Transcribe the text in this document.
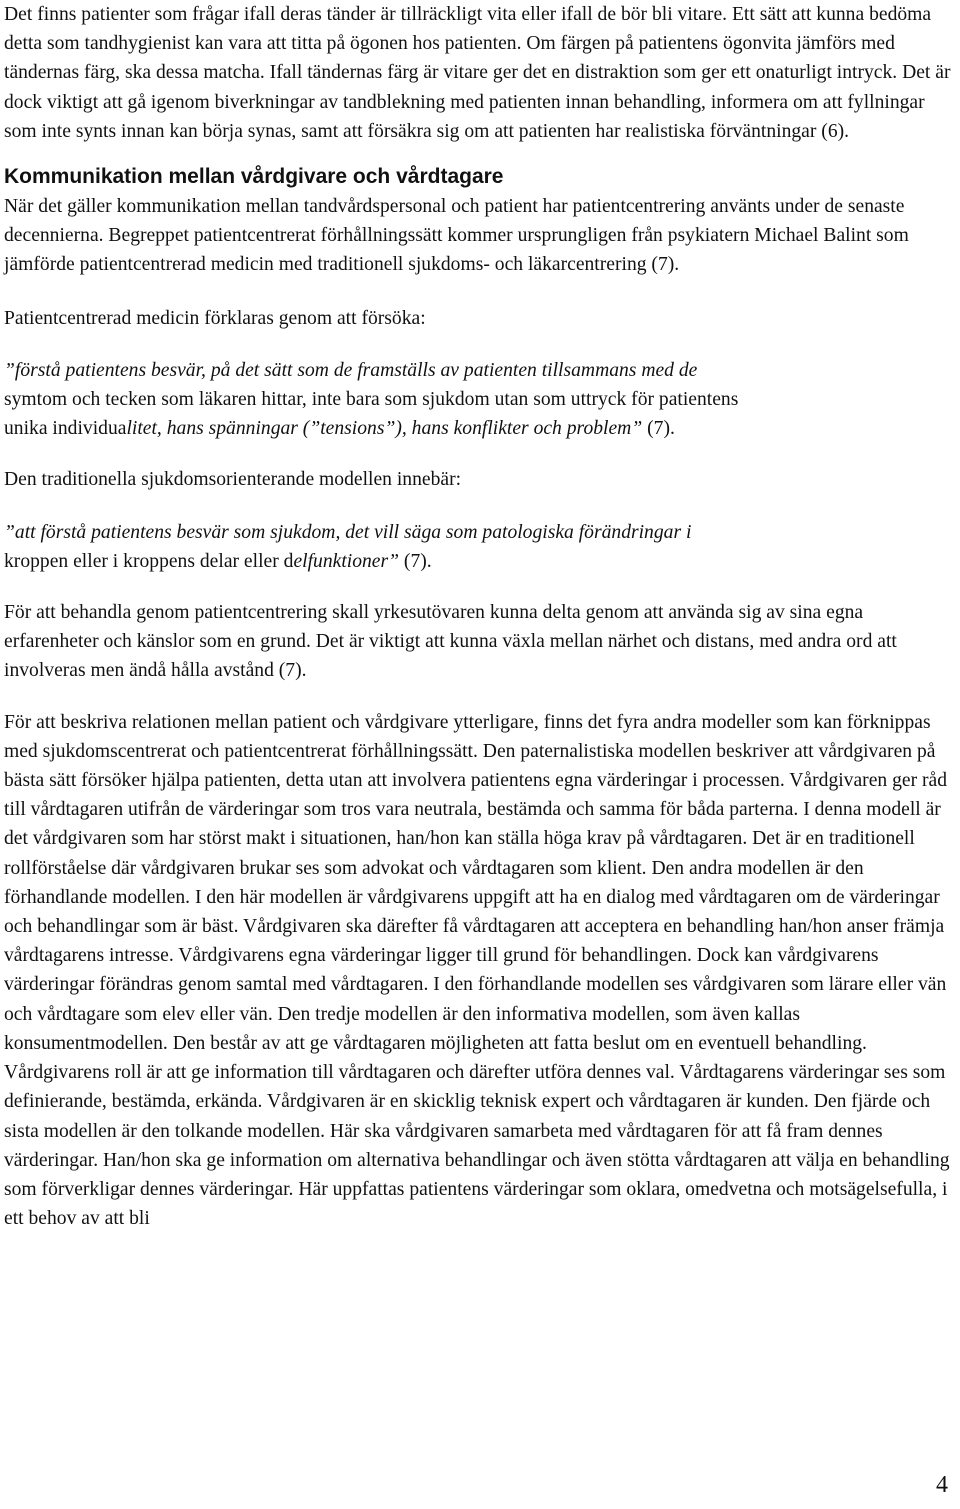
Det finns patienter som frågar ifall deras tänder är tillräckligt vita eller ifall de bör bli vitare. Ett sätt att kunna bedöma detta som tandhygienist kan vara att titta på ögonen hos patienten. Om färgen på patientens ögonvita jämförs med tändernas färg, ska dessa matcha. Ifall tändernas färg är vitare ger det en distraktion som ger ett onaturligt intryck. Det är dock viktigt att gå igenom biverkningar av tandblekning med patienten innan behandling, informera om att fyllningar som inte synts innan kan börja synas, samt att försäkra sig om att patienten har realistiska förväntningar (6).

Kommunikation mellan vårdgivare och vårdtagare

När det gäller kommunikation mellan tandvårdspersonal och patient har patientcentrering använts under de senaste decennierna. Begreppet patientcentrerat förhållningssätt kommer ursprungligen från psykiatern Michael Balint som jämförde patientcentrerad medicin med traditionell sjukdoms- och läkarcentrering (7).

Patientcentrerad medicin förklaras genom att försöka:

”förstå patientens besvär, på det sätt som de framställs av patienten tillsammans med de
symtom och tecken som läkaren hittar, inte bara som sjukdom utan som uttryck för patientens
unika individualitet, hans spänningar (”tensions”), hans konflikter och problem” (7).

Den traditionella sjukdomsorienterande modellen innebär:

”att förstå patientens besvär som sjukdom, det vill säga som patologiska förändringar i
kroppen eller i kroppens delar eller delfunktioner” (7).

För att behandla genom patientcentrering skall yrkesutövaren kunna delta genom att använda sig av sina egna erfarenheter och känslor som en grund. Det är viktigt att kunna växla mellan närhet och distans, med andra ord att involveras men ändå hålla avstånd (7).

För att beskriva relationen mellan patient och vårdgivare ytterligare, finns det fyra andra modeller som kan förknippas med sjukdomscentrerat och patientcentrerat förhållningssätt. Den paternalistiska modellen beskriver att vårdgivaren på bästa sätt försöker hjälpa patienten, detta utan att involvera patientens egna värderingar i processen. Vårdgivaren ger råd till vårdtagaren utifrån de värderingar som tros vara neutrala, bestämda och samma för båda parterna. I denna modell är det vårdgivaren som har störst makt i situationen, han/hon kan ställa höga krav på vårdtagaren. Det är en traditionell rollförståelse där vårdgivaren brukar ses som advokat och vårdtagaren som klient. Den andra modellen är den förhandlande modellen. I den här modellen är vårdgivarens uppgift att ha en dialog med vårdtagaren om de värderingar och behandlingar som är bäst. Vårdgivaren ska därefter få vårdtagaren att acceptera en behandling han/hon anser främja vårdtagarens intresse. Vårdgivarens egna värderingar ligger till grund för behandlingen. Dock kan vårdgivarens värderingar förändras genom samtal med vårdtagaren. I den förhandlande modellen ses vårdgivaren som lärare eller vän och vårdtagare som elev eller vän. Den tredje modellen är den informativa modellen, som även kallas konsumentmodellen. Den består av att ge vårdtagaren möjligheten att fatta beslut om en eventuell behandling. Vårdgivarens roll är att ge information till vårdtagaren och därefter utföra dennes val. Vårdtagarens värderingar ses som definierande, bestämda, erkända. Vårdgivaren är en skicklig teknisk expert och vårdtagaren är kunden. Den fjärde och sista modellen är den tolkande modellen. Här ska vårdgivaren samarbeta med vårdtagaren för att få fram dennes värderingar. Han/hon ska ge information om alternativa behandlingar och även stötta vårdtagaren att välja en behandling som förverkligar dennes värderingar. Här uppfattas patientens värderingar som oklara, omedvetna och motsägelsefulla, i ett behov av att bli

4
